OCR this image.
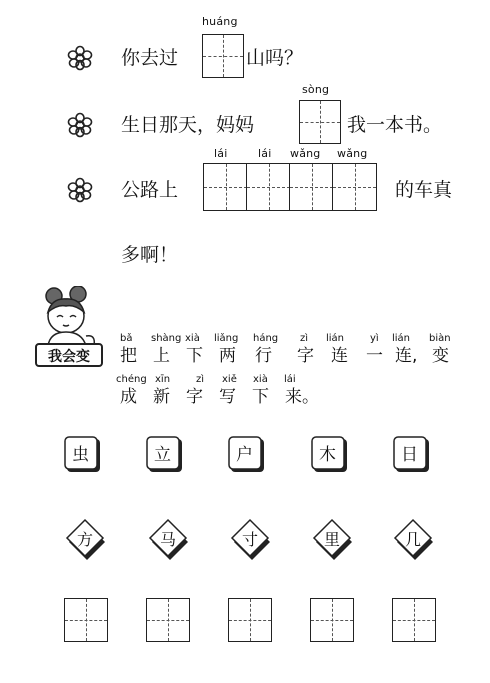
你去过
huáng
山吗？
生日那天，妈妈
sòng
我一本书。
公路上
lái	lái wǎng wǎng
的车真
多啊！
我会变
bǎ shàng xià liǎng háng zì lián	yì lián biàn
把 上 下 两 行 字 连 一 连, 变
chéng xīn	zì xiě xià lái
成 新 字 写 下 来。
虫	立	户	木	日
方	马	寸	里	几
